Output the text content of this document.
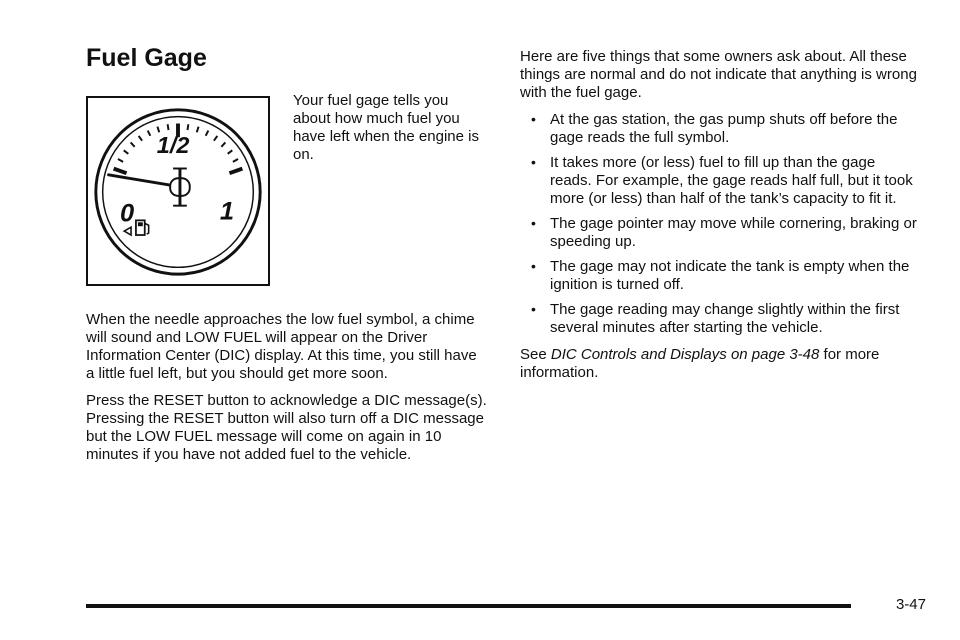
Fuel Gage
1/2
0	1

Your fuel gage tells you about how much fuel you have left when the engine is on.

When the needle approaches the low fuel symbol, a chime will sound and LOW FUEL will appear on the Driver Information Center (DIC) display. At this time, you still have a little fuel left, but you should get more soon.

Press the RESET button to acknowledge a DIC message(s). Pressing the RESET button will also turn off a DIC message but the LOW FUEL message will come on again in 10 minutes if you have not added fuel to the vehicle.

Here are five things that some owners ask about. All these things are normal and do not indicate that anything is wrong with the fuel gage.

• At the gas station, the gas pump shuts off before the gage reads the full symbol.
• It takes more (or less) fuel to fill up than the gage reads. For example, the gage reads half full, but it took more (or less) than half of the tank’s capacity to fit it.
• The gage pointer may move while cornering, braking or speeding up.
• The gage may not indicate the tank is empty when the ignition is turned off.
• The gage reading may change slightly within the first several minutes after starting the vehicle.

See DIC Controls and Displays on page 3-48 for more information.

3-47
